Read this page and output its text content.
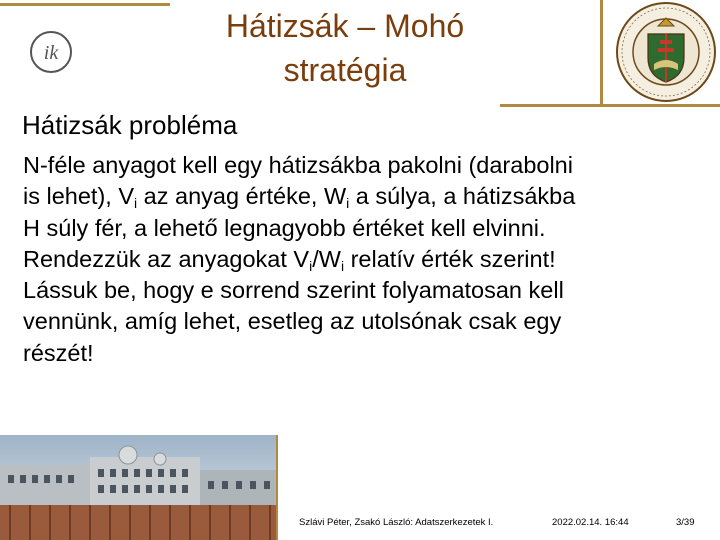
ik
Hátizsák – Mohó
stratégia
Hátizsák probléma
N-féle anyagot kell egy hátizsákba pakolni (darabolni
is lehet), $V_i$ az anyag értéke, $W_i$ a súlya, a hátizsákba
H súly fér, a lehető legnagyobb értéket kell elvinni.
Rendezzük az anyagokat $V_i/W_i$ relatív érték szerint!
Lássuk be, hogy e sorrend szerint folyamatosan kell
vennünk, amíg lehet, esetleg az utolsónak csak egy
részét!
Szlávi Péter, Zsakó László: Adatszerkezetek I.	2022.02.14. 16:44	3/39
